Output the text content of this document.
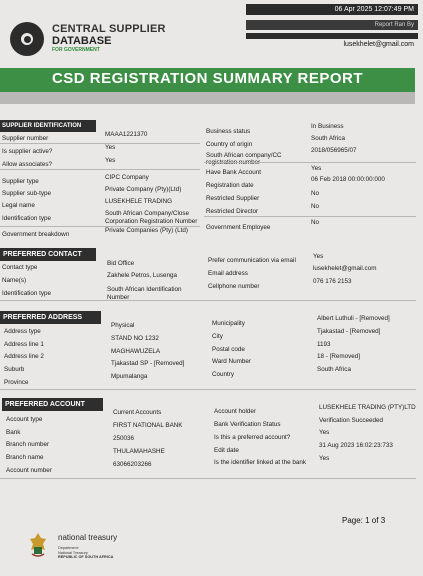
CENTRAL SUPPLIER
DATABASE
FOR GOVERNMENT
06 Apr 2025 12:07:49 PM
Report Ran By
lusekhelet@gmail.com
CSD REGISTRATION SUMMARY REPORT
SUPPLIER IDENTIFICATION
Supplier number
MAAA1221370
Is supplier active?
Yes
Allow associates?
Yes
Supplier type
CIPC Company
Supplier sub-type
Private Company (Pty)(Ltd)
Legal name
LUSEKHELE TRADING
Identification type
South African Company/Close Corporation Registration Number
Government breakdown
Private Companies (Pty) (Ltd)
Business status
In Business
Country of origin
South Africa
South African company/CC
2018/056965/07
Have Bank Account
Yes
Registration date
06 Feb 2018 00:00:00:000
Restricted Supplier
No
Restricted Director
No
Government Employee
No
PREFERRED CONTACT
Contact type
Bid Office
Name(s)
Zakhele Petros, Lusenga
Identification type
South African Identification Number
Prefer communication via email
Yes
Email address
lusekhelet@gmail.com
Cellphone number
076 176 2153
PREFERRED ADDRESS
Address type
Physical
Address line 1
STAND NO 1232
Address line 2
MAGHAWUZELA
Suburb
Tjakastad SP - [Removed]
Province
Mpumalanga
Municipality
Albert Luthuli - [Removed]
City
Tjakastad - [Removed]
Postal code
1193
Ward Number
18 - [Removed]
Country
South Africa
PREFERRED ACCOUNT
Account type
Current Accounts
Bank
FIRST NATIONAL BANK
Branch number
250036
Branch name
THULAMAHASHE
Account number
63066203266
Account holder
LUSEKHELE TRADING (PTY)LTD
Bank Verification Status
Verification Succeeded
Is this a preferred account?
Yes
Edit date
31 Aug 2023 16:02:23:733
Is the identifier linked at the bank
Yes
Page: 1 of 3
national treasury
Department:
National Treasury
REPUBLIC OF SOUTH AFRICA
